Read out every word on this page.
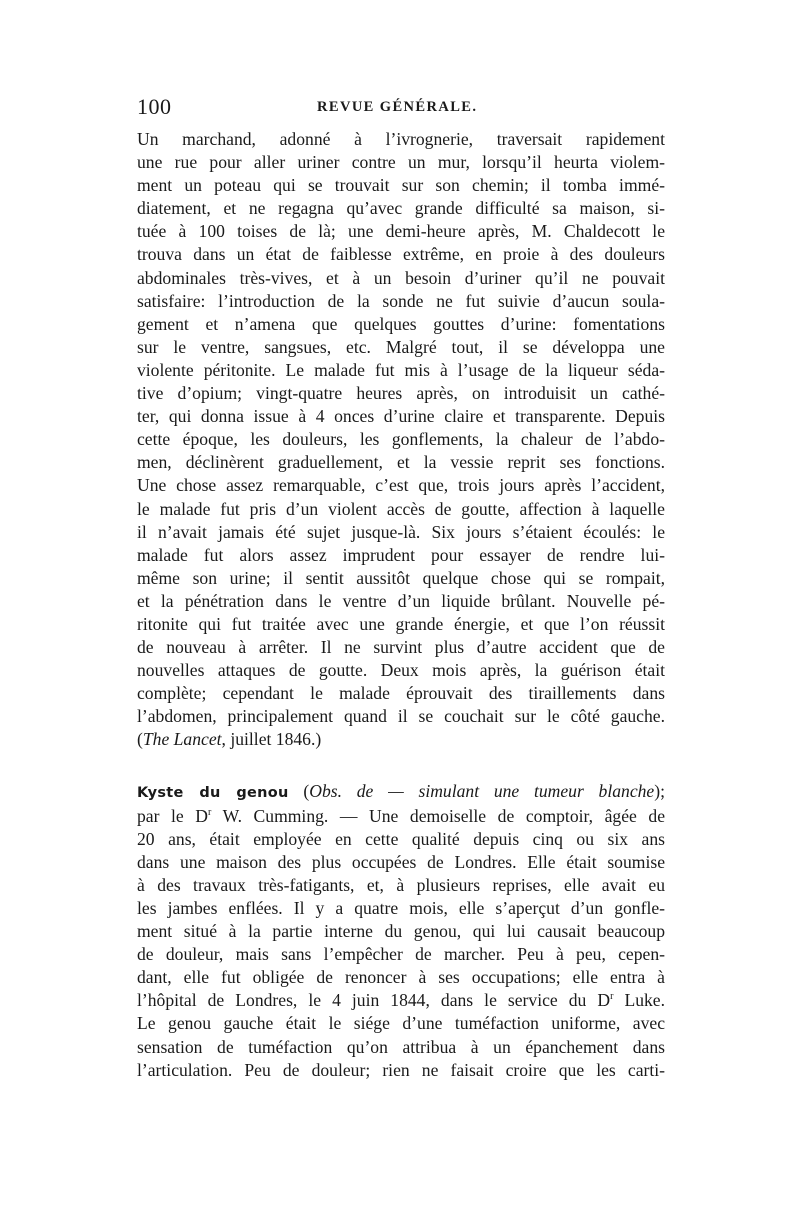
100	REVUE GÉNÉRALE.
Un marchand, adonné à l’ivrognerie, traversait rapidement
une rue pour aller uriner contre un mur, lorsqu’il heurta violem-
ment un poteau qui se trouvait sur son chemin; il tomba immé-
diatement, et ne regagna qu’avec grande difficulté sa maison, si-
tuée à 100 toises de là; une demi-heure après, M. Chaldecott le
trouva dans un état de faiblesse extrême, en proie à des douleurs
abdominales très-vives, et à un besoin d’uriner qu’il ne pouvait
satisfaire: l’introduction de la sonde ne fut suivie d’aucun soula-
gement et n’amena que quelques gouttes d’urine: fomentations
sur le ventre, sangsues, etc. Malgré tout, il se développa une
violente péritonite. Le malade fut mis à l’usage de la liqueur séda-
tive d’opium; vingt-quatre heures après, on introduisit un cathé-
ter, qui donna issue à 4 onces d’urine claire et transparente. Depuis
cette époque, les douleurs, les gonflements, la chaleur de l’abdo-
men, déclinèrent graduellement, et la vessie reprit ses fonctions.
Une chose assez remarquable, c’est que, trois jours après l’accident,
le malade fut pris d’un violent accès de goutte, affection à laquelle
il n’avait jamais été sujet jusque-là. Six jours s’étaient écoulés: le
malade fut alors assez imprudent pour essayer de rendre lui-
même son urine; il sentit aussitôt quelque chose qui se rompait,
et la pénétration dans le ventre d’un liquide brûlant. Nouvelle pé-
ritonite qui fut traitée avec une grande énergie, et que l’on réussit
de nouveau à arrêter. Il ne survint plus d’autre accident que de
nouvelles attaques de goutte. Deux mois après, la guérison était
complète; cependant le malade éprouvait des tiraillements dans
l’abdomen, principalement quand il se couchait sur le côté gauche.
(The Lancet, juillet 1846.)
Kyste du genou (Obs. de — simulant une tumeur blanche);
par le $D^r$ W. Cumming. — Une demoiselle de comptoir, âgée de
20 ans, était employée en cette qualité depuis cinq ou six ans
dans une maison des plus occupées de Londres. Elle était soumise
à des travaux très-fatigants, et, à plusieurs reprises, elle avait eu
les jambes enflées. Il y a quatre mois, elle s’aperçut d’un gonfle-
ment situé à la partie interne du genou, qui lui causait beaucoup
de douleur, mais sans l’empêcher de marcher. Peu à peu, cepen-
dant, elle fut obligée de renoncer à ses occupations; elle entra à
l’hôpital de Londres, le 4 juin 1844, dans le service du $D^r$ Luke.
Le genou gauche était le siége d’une tuméfaction uniforme, avec
sensation de tuméfaction qu’on attribua à un épanchement dans
l’articulation. Peu de douleur; rien ne faisait croire que les carti-
